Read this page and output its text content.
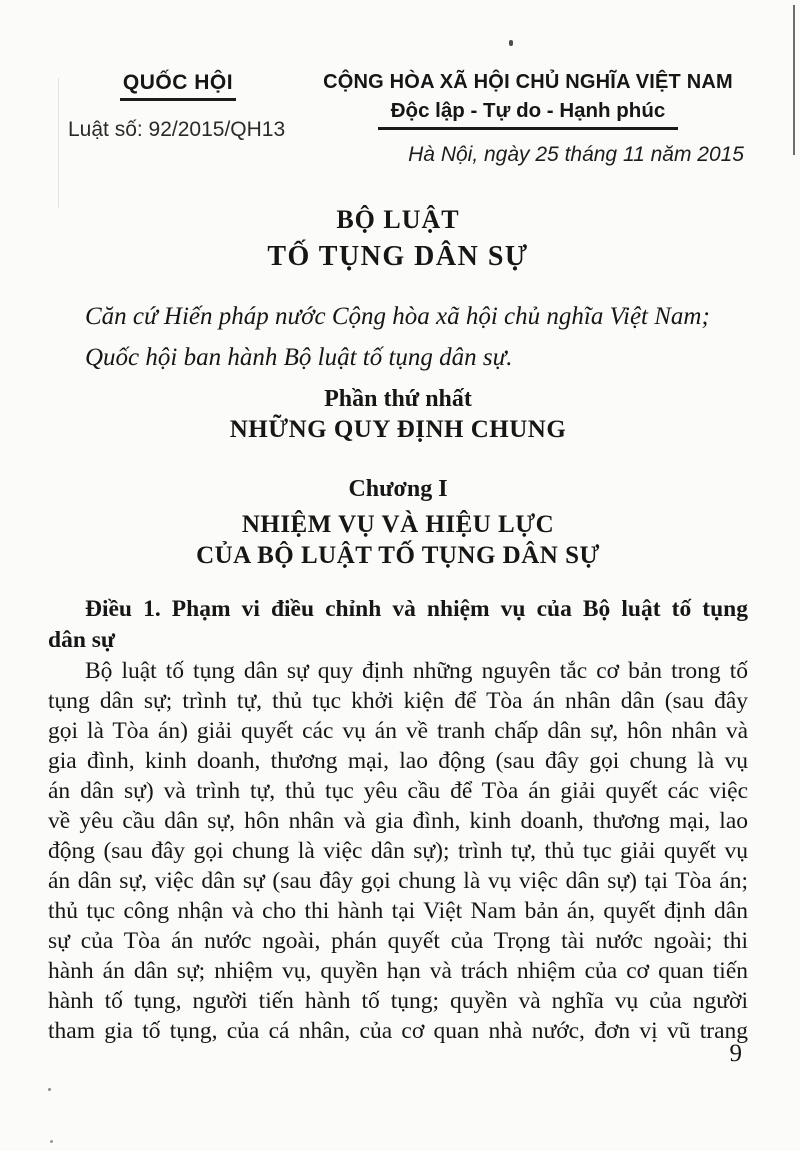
QUỐC HỘI
Luật số: 92/2015/QH13
CỘNG HÒA XÃ HỘI CHỦ NGHĨA VIỆT NAM
Độc lập - Tự do - Hạnh phúc
Hà Nội, ngày 25 tháng 11 năm 2015
BỘ LUẬT
TỐ TỤNG DÂN SỰ
Căn cứ Hiến pháp nước Cộng hòa xã hội chủ nghĩa Việt Nam;
Quốc hội ban hành Bộ luật tố tụng dân sự.
Phần thứ nhất
NHỮNG QUY ĐỊNH CHUNG
Chương I
NHIỆM VỤ VÀ HIỆU LỰC
CỦA BỘ LUẬT TỐ TỤNG DÂN SỰ
Điều 1. Phạm vi điều chỉnh và nhiệm vụ của Bộ luật tố tụng
dân sự
Bộ luật tố tụng dân sự quy định những nguyên tắc cơ bản trong tố
tụng dân sự; trình tự, thủ tục khởi kiện để Tòa án nhân dân (sau đây
gọi là Tòa án) giải quyết các vụ án về tranh chấp dân sự, hôn nhân và
gia đình, kinh doanh, thương mại, lao động (sau đây gọi chung là vụ
án dân sự) và trình tự, thủ tục yêu cầu để Tòa án giải quyết các việc
về yêu cầu dân sự, hôn nhân và gia đình, kinh doanh, thương mại, lao
động (sau đây gọi chung là việc dân sự); trình tự, thủ tục giải quyết vụ
án dân sự, việc dân sự (sau đây gọi chung là vụ việc dân sự) tại Tòa án;
thủ tục công nhận và cho thi hành tại Việt Nam bản án, quyết định dân
sự của Tòa án nước ngoài, phán quyết của Trọng tài nước ngoài; thi
hành án dân sự; nhiệm vụ, quyền hạn và trách nhiệm của cơ quan tiến
hành tố tụng, người tiến hành tố tụng; quyền và nghĩa vụ của người
tham gia tố tụng, của cá nhân, của cơ quan nhà nước, đơn vị vũ trang
9
